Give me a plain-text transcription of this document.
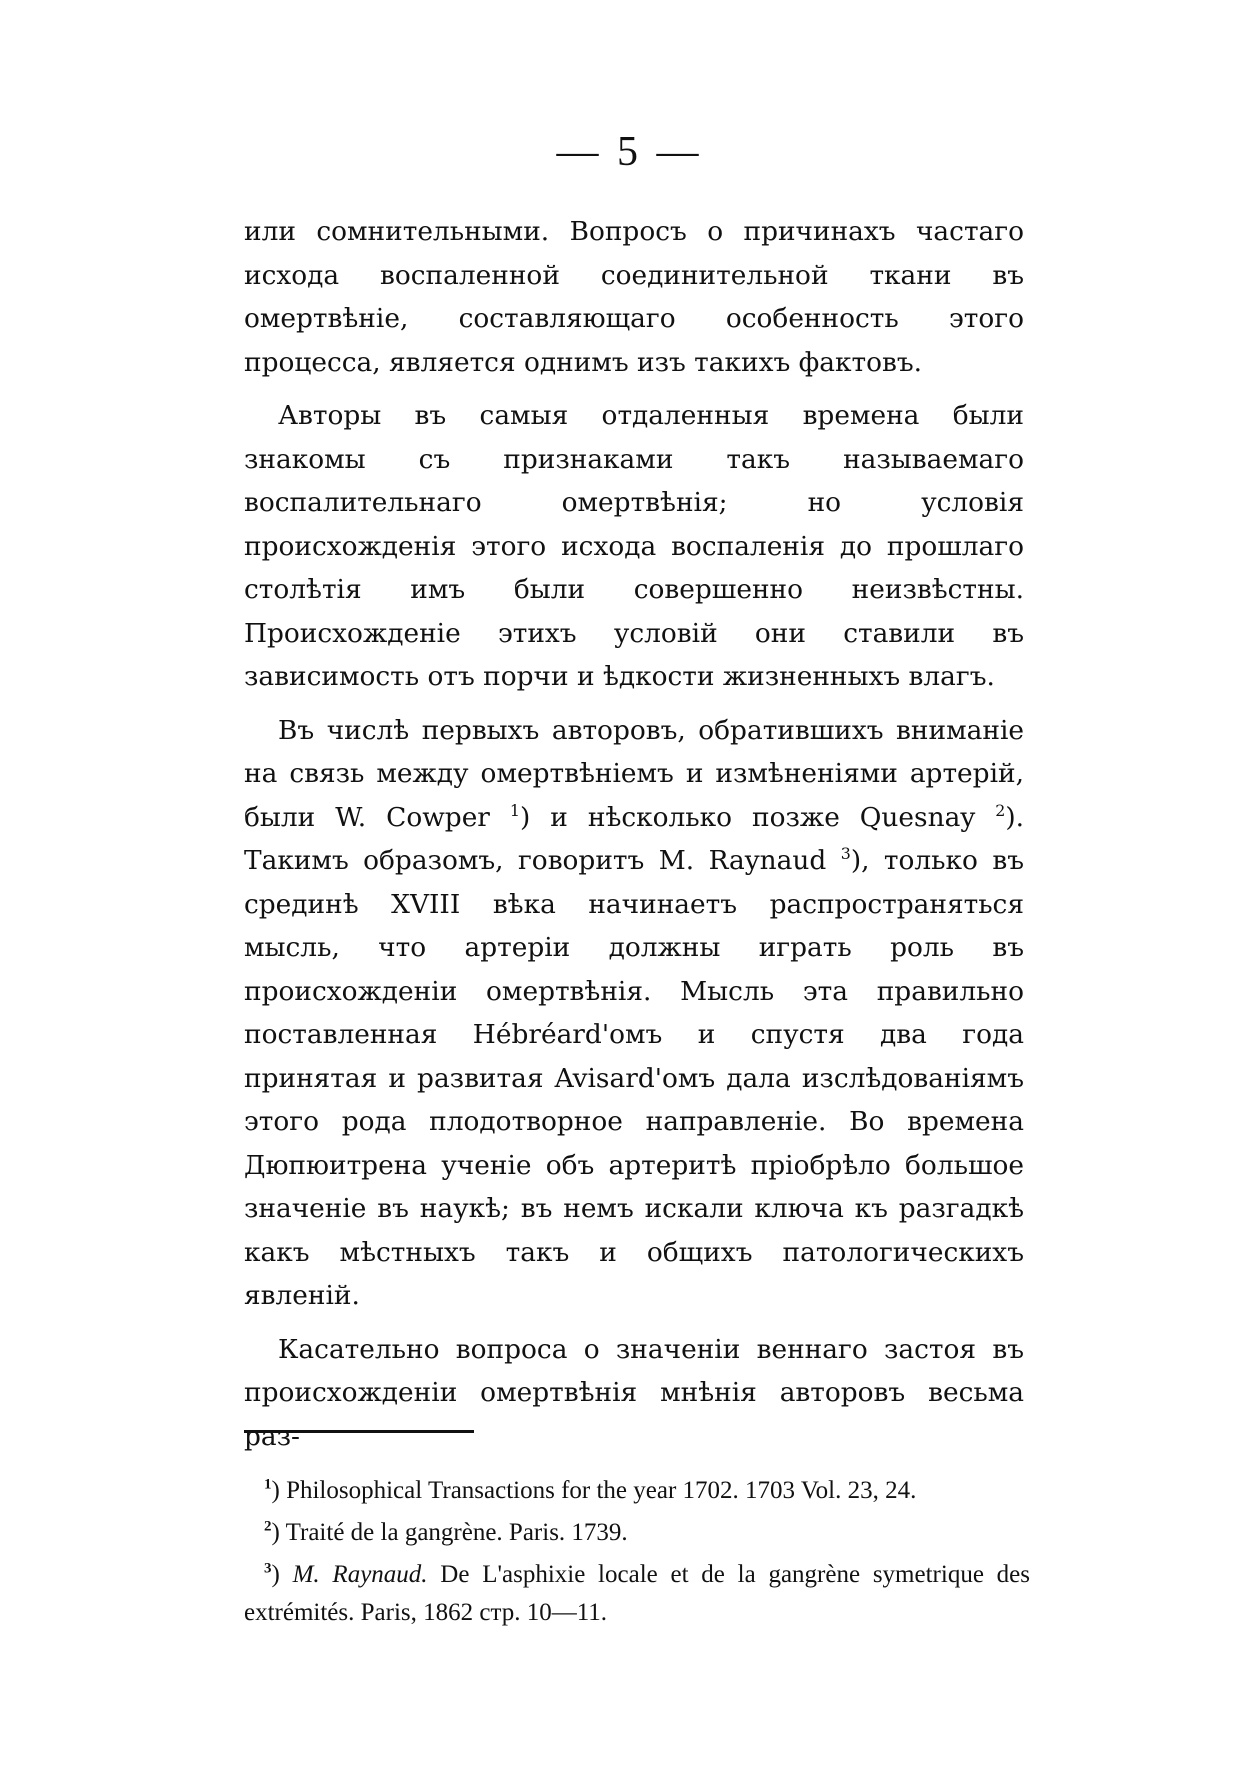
— 5 —

или сомнительными. Вопросъ о причинахъ частаго исхода воспаленной соединительной ткани въ омертвѣніе, составляющаго особенность этого процесса, является однимъ изъ такихъ фактовъ.

Авторы въ самыя отдаленныя времена были знакомы съ признаками такъ называемаго воспалительнаго омертвѣнія; но условія происхожденія этого исхода воспаленія до прошлаго столѣтія имъ были совершенно неизвѣстны. Происхожденіе этихъ условій они ставили въ зависимость отъ порчи и ѣдкости жизненныхъ влагъ.

Въ числѣ первыхъ авторовъ, обратившихъ вниманіе на связь между омертвѣніемъ и измѣненіями артерій, были W. Cowper $^1$) и нѣсколько позже Quesnay $^2$). Такимъ образомъ, говоритъ M. Raynaud $^3$), только въ срединѣ XVIII вѣка начинаетъ распространяться мысль, что артеріи должны играть роль въ происхожденіи омертвѣнія. Мысль эта правильно поставленная Hébréard'омъ и спустя два года принятая и развитая Avisard'омъ дала изслѣдованіямъ этого рода плодотворное направленіе. Во времена Дюпюитрена ученіе объ артеритѣ пріобрѣло большое значеніе въ наукѣ; въ немъ искали ключа къ разгадкѣ какъ мѣстныхъ такъ и общихъ патологическихъ явленій.

Касательно вопроса о значеніи веннаго застоя въ происхожденіи омертвѣнія мнѣнія авторовъ весьма раз-

$^1$) Philosophical Transactions for the year 1702. 1703 Vol. 23, 24.

$^2$) Traité de la gangrène. Paris. 1739.

$^3$) M. Raynaud. De L'asphixie locale et de la gangrène symetrique des extrémités. Paris, 1862 стр. 10—11.
